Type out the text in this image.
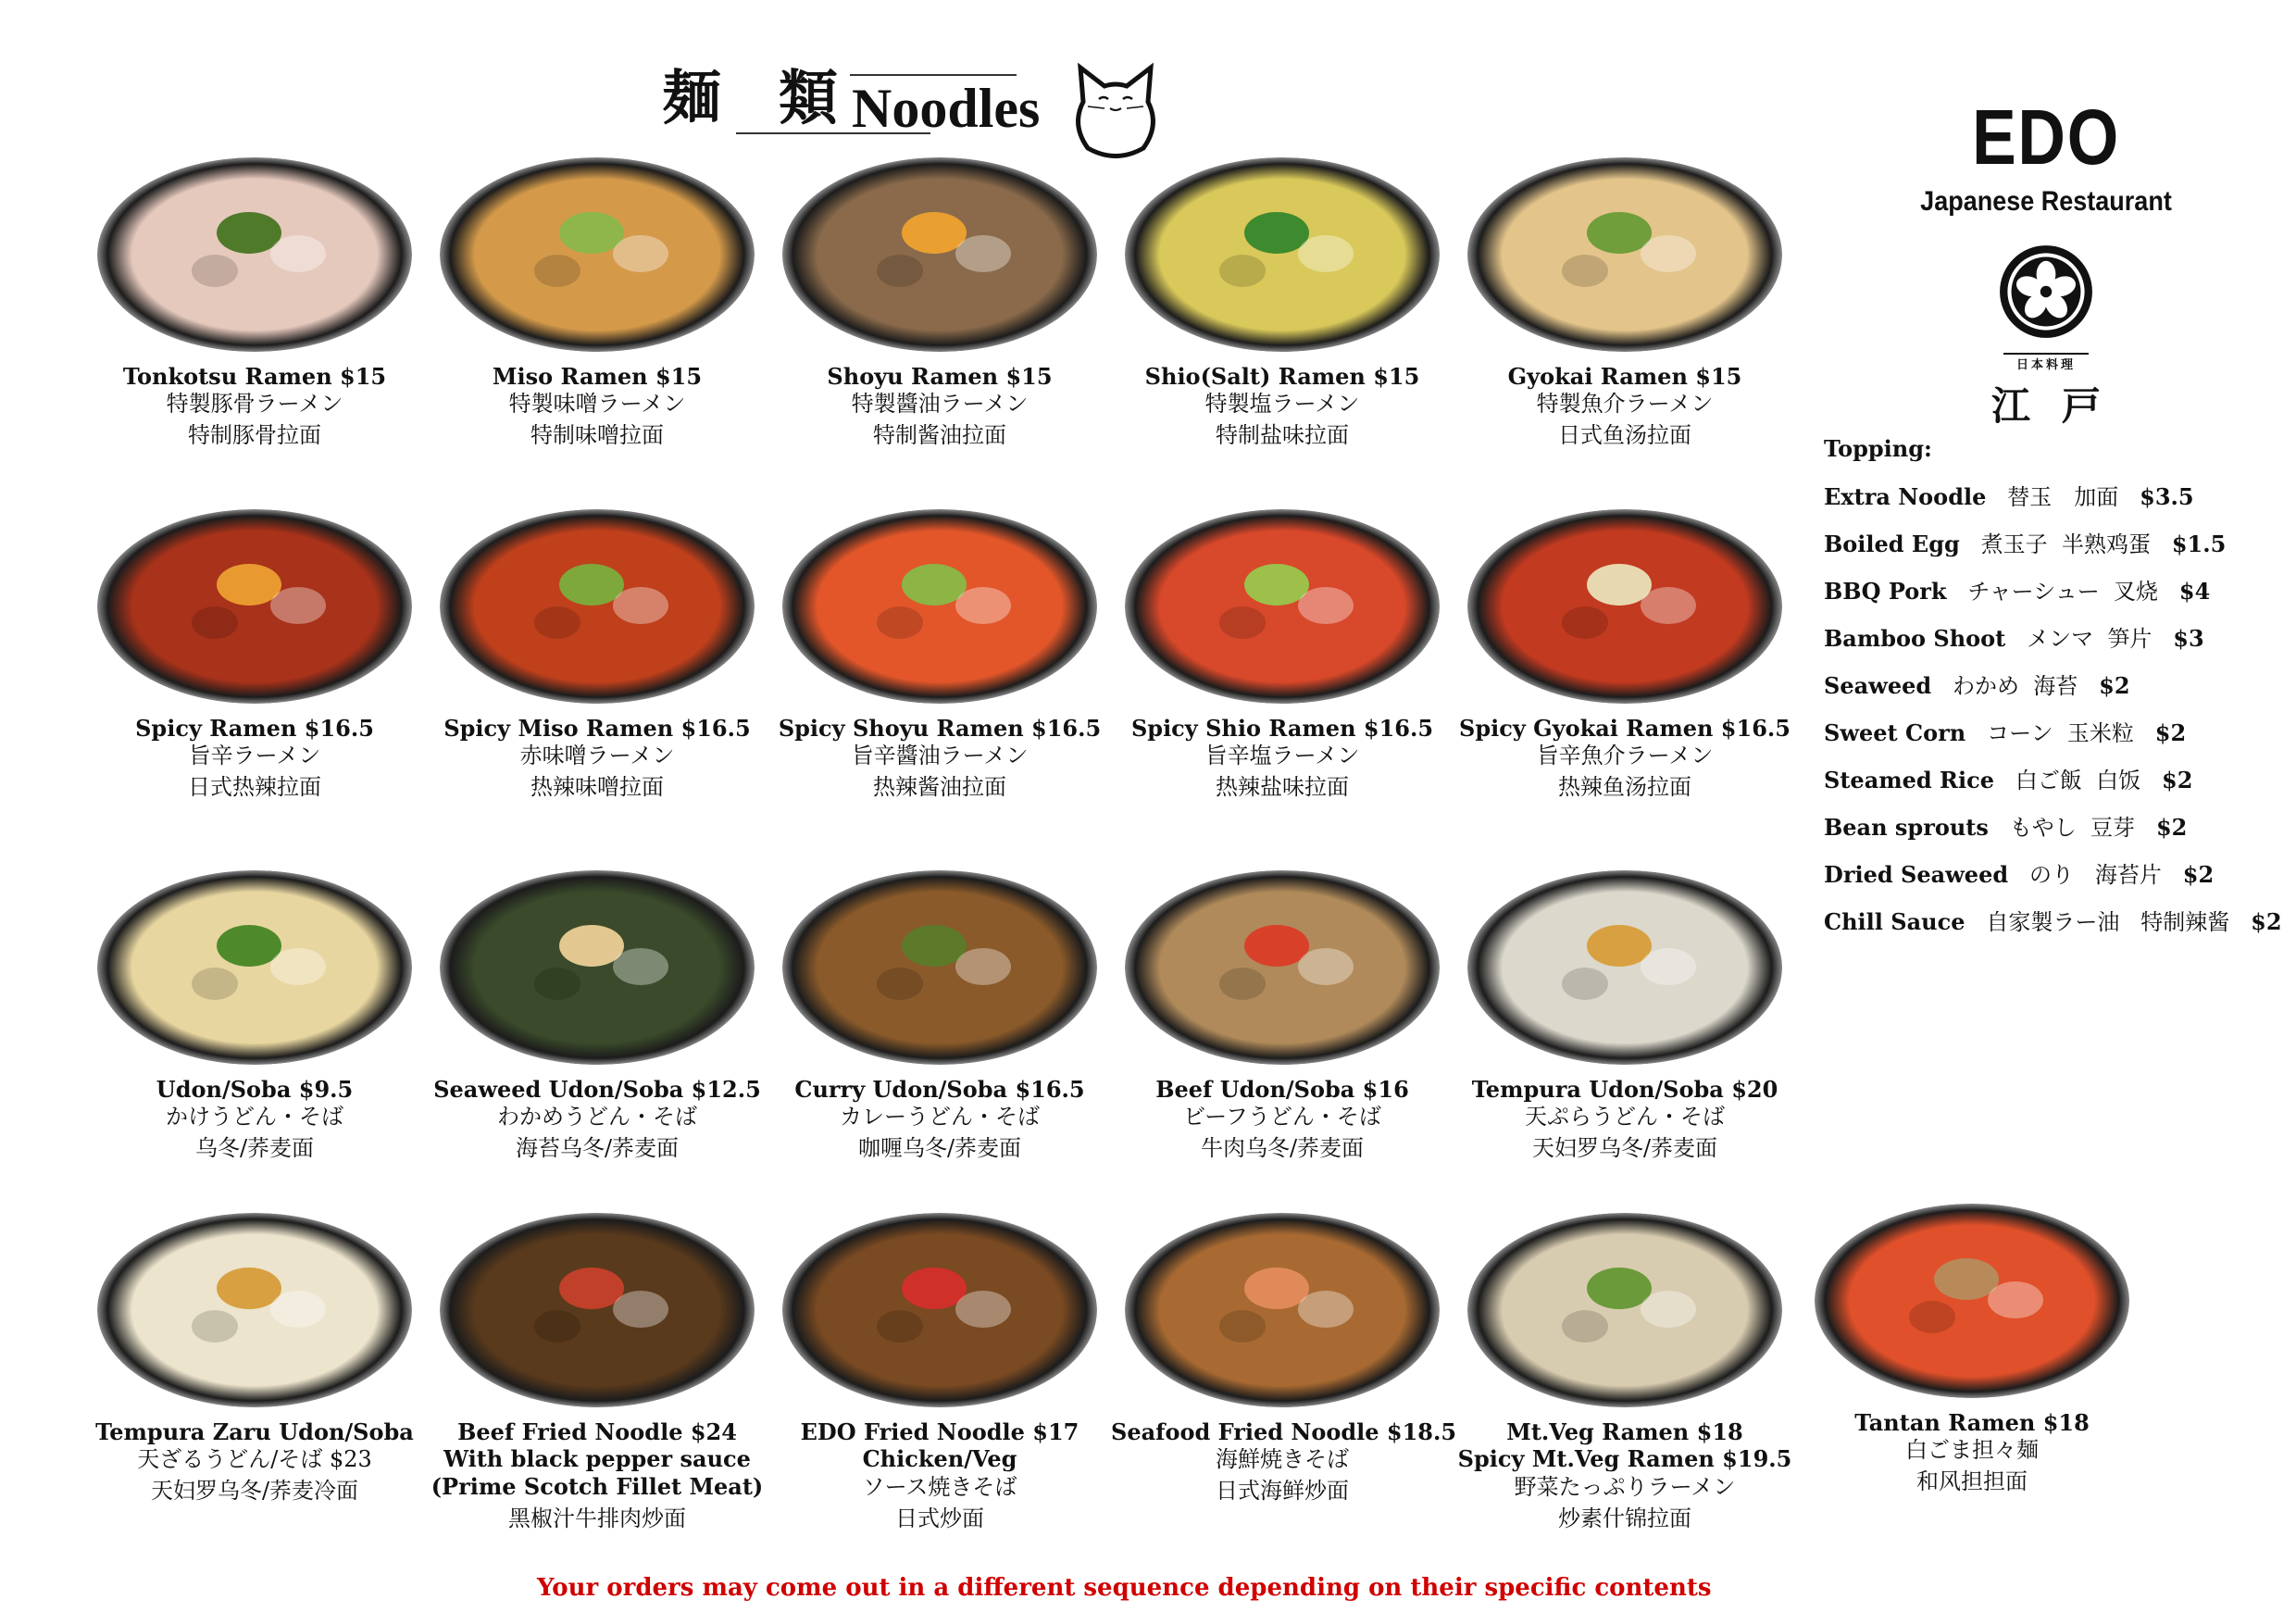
麺類
Noodles	EDO
Japanese Restaurant
日本料理
江戸
Tonkotsu Ramen $15
特製豚骨ラーメン
特制豚骨拉面
Miso Ramen $15
特製味噌ラーメン
特制味噌拉面
Shoyu Ramen $15
特製醬油ラーメン
特制酱油拉面
Shio(Salt) Ramen $15
特製塩ラーメン
特制盐味拉面
Gyokai Ramen $15
特製魚介ラーメン
日式鱼汤拉面
Spicy Ramen $16.5
旨辛ラーメン
日式热辣拉面
Spicy Miso Ramen $16.5
赤味噌ラーメン
热辣味噌拉面
Spicy Shoyu Ramen $16.5
旨辛醬油ラーメン
热辣酱油拉面
Spicy Shio Ramen $16.5
旨辛塩ラーメン
热辣盐味拉面
Spicy Gyokai Ramen $16.5
旨辛魚介ラーメン
热辣鱼汤拉面
Udon/Soba $9.5
かけうどん・そば
乌冬/荞麦面
Seaweed Udon/Soba $12.5
わかめうどん・そば
海苔乌冬/荞麦面
Curry Udon/Soba $16.5
カレーうどん・そば
咖喱乌冬/荞麦面
Beef Udon/Soba $16
ビーフうどん・そば
牛肉乌冬/荞麦面
Tempura Udon/Soba $20
天ぷらうどん・そば
天妇罗乌冬/荞麦面
Tempura Zaru Udon/Soba
天ざるうどん/そば $23
天妇罗乌冬/荞麦冷面
Beef Fried Noodle $24
With black pepper sauce
(Prime Scotch Fillet Meat)
黑椒汁牛排肉炒面
EDO Fried Noodle $17
Chicken/Veg
ソース焼きそば
日式炒面
Seafood Fried Noodle $18.5
海鮮焼きそば
日式海鲜炒面
Mt.Veg Ramen $18
Spicy Mt.Veg Ramen $19.5
野菜たっぷりラーメン
炒素什锦拉面
Tantan Ramen $18
白ごま担々麺
和风担担面
Topping:
Extra Noodle   替玉　加面   $3.5
Boiled Egg   煮玉子  半熟鸡蛋   $1.5
BBQ Pork   チャーシュー  叉烧   $4
Bamboo Shoot   メンマ  笋片   $3
Seaweed   わかめ  海苔   $2
Sweet Corn   コーン  玉米粒   $2
Steamed Rice   白ご飯  白饭   $2
Bean sprouts   もやし  豆芽   $2
Dried Seaweed   のり   海苔片   $2
Chill Sauce   自家製ラー油   特制辣酱   $2
Your orders may come out in a different sequence depending on their specific contents
